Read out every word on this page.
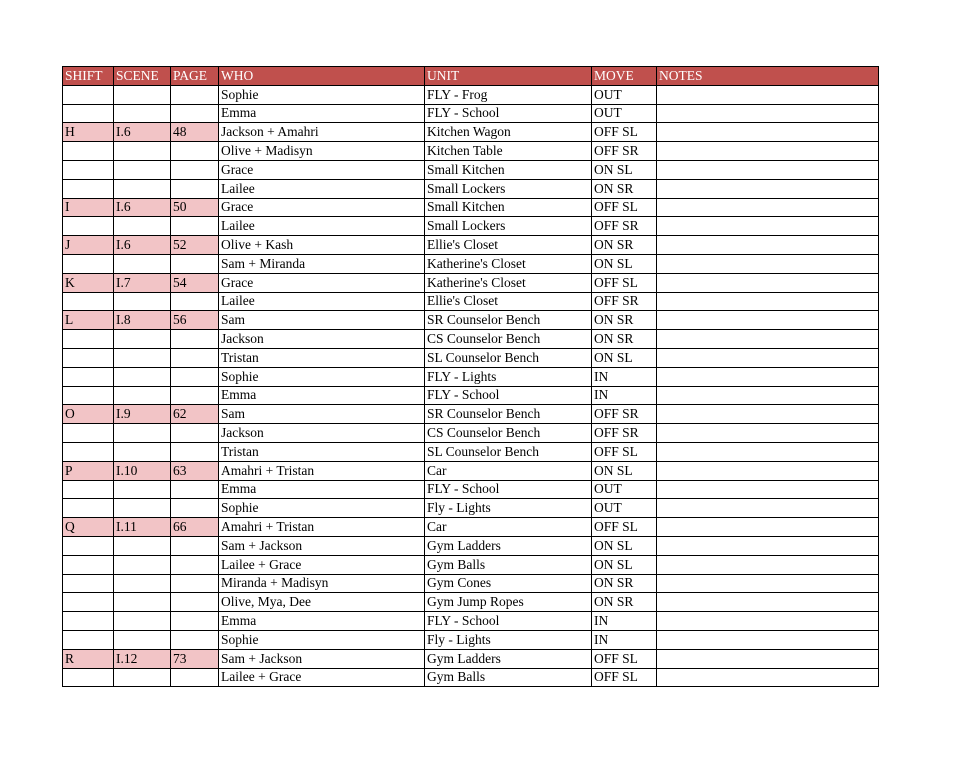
SHIFT	SCENE	PAGE	WHO	UNIT	MOVE	NOTES
			Sophie	FLY - Frog	OUT	
			Emma	FLY - School	OUT	
H	I.6	48	Jackson + Amahri	Kitchen Wagon	OFF SL	
			Olive + Madisyn	Kitchen Table	OFF SR	
			Grace	Small Kitchen	ON SL	
			Lailee	Small Lockers	ON SR	
I	I.6	50	Grace	Small Kitchen	OFF SL	
			Lailee	Small Lockers	OFF SR	
J	I.6	52	Olive + Kash	Ellie's Closet	ON SR	
			Sam + Miranda	Katherine's Closet	ON SL	
K	I.7	54	Grace	Katherine's Closet	OFF SL	
			Lailee	Ellie's Closet	OFF SR	
L	I.8	56	Sam	SR Counselor Bench	ON SR	
			Jackson	CS Counselor Bench	ON SR	
			Tristan	SL Counselor Bench	ON SL	
			Sophie	FLY - Lights	IN	
			Emma	FLY - School	IN	
O	I.9	62	Sam	SR Counselor Bench	OFF SR	
			Jackson	CS Counselor Bench	OFF SR	
			Tristan	SL Counselor Bench	OFF SL	
P	I.10	63	Amahri + Tristan	Car	ON SL	
			Emma	FLY - School	OUT	
			Sophie	Fly - Lights	OUT	
Q	I.11	66	Amahri + Tristan	Car	OFF SL	
			Sam + Jackson	Gym Ladders	ON SL	
			Lailee + Grace	Gym Balls	ON SL	
			Miranda + Madisyn	Gym Cones	ON SR	
			Olive, Mya, Dee	Gym Jump Ropes	ON SR	
			Emma	FLY - School	IN	
			Sophie	Fly - Lights	IN	
R	I.12	73	Sam + Jackson	Gym Ladders	OFF SL	
			Lailee + Grace	Gym Balls	OFF SL	
